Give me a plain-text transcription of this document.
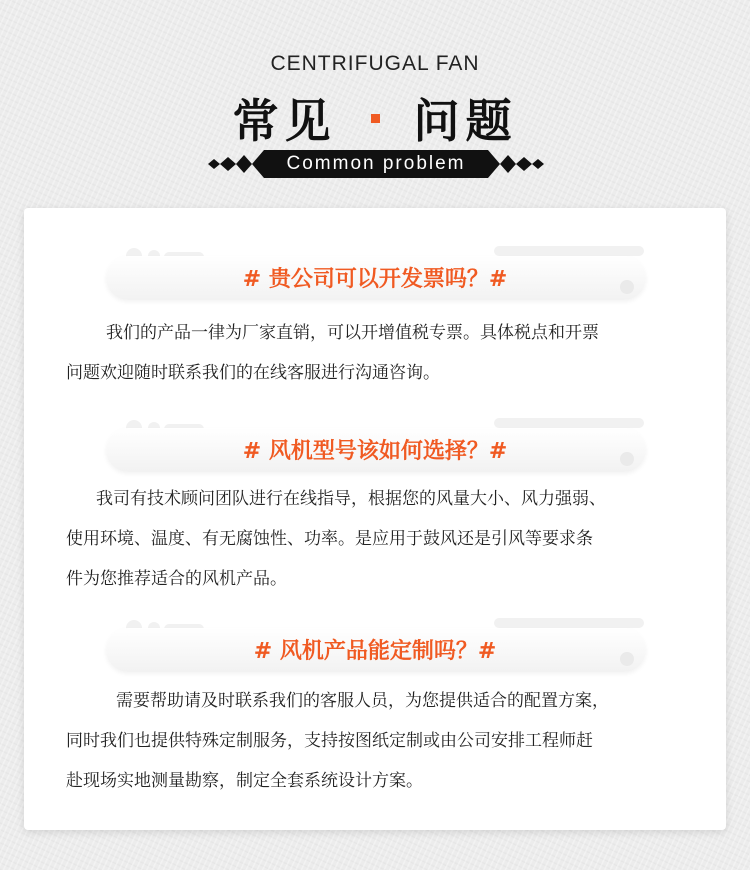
CENTRIFUGAL FAN
常见 问题
Common problem
# 贵公司可以开发票吗？#
我们的产品一律为厂家直销，可以开增值税专票。具体税点和开票
问题欢迎随时联系我们的在线客服进行沟通咨询。
# 风机型号该如何选择？#
我司有技术顾问团队进行在线指导，根据您的风量大小、风力强弱、
使用环境、温度、有无腐蚀性、功率。是应用于鼓风还是引风等要求条
件为您推荐适合的风机产品。
# 风机产品能定制吗？#
需要帮助请及时联系我们的客服人员，为您提供适合的配置方案，
同时我们也提供特殊定制服务，支持按图纸定制或由公司安排工程师赶
赴现场实地测量勘察，制定全套系统设计方案。
